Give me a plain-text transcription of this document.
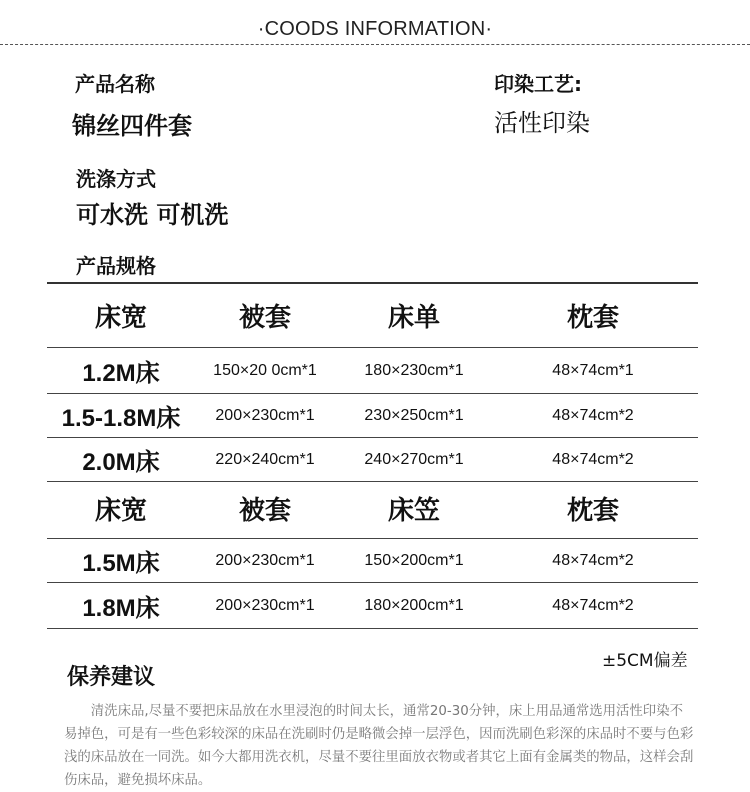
·COODS INFORMATION·
产品名称
锦丝四件套
印染工艺:
活性印染
洗涤方式
可水洗 可机洗
产品规格
床宽	被套	床单	枕套
1.2M床	150×20 0cm*1	180×230cm*1	48×74cm*1
1.5-1.8M床	200×230cm*1	230×250cm*1	48×74cm*2
2.0M床	220×240cm*1	240×270cm*1	48×74cm*2
床宽	被套	床笠	枕套
1.5M床	200×230cm*1	150×200cm*1	48×74cm*2
1.8M床	200×230cm*1	180×200cm*1	48×74cm*2
±5CM偏差
保养建议
清洗床品,尽量不要把床品放在水里浸泡的时间太长，通常20-30分钟，床上用品通常选用活性印染不易掉色，可是有一些色彩较深的床品在洗刷时仍是略微会掉一层浮色，因而洗刷色彩深的床品时不要与色彩浅的床品放在一同洗。如今大都用洗衣机，尽量不要往里面放衣物或者其它上面有金属类的物品，这样会刮伤床品，避免损坏床品。
